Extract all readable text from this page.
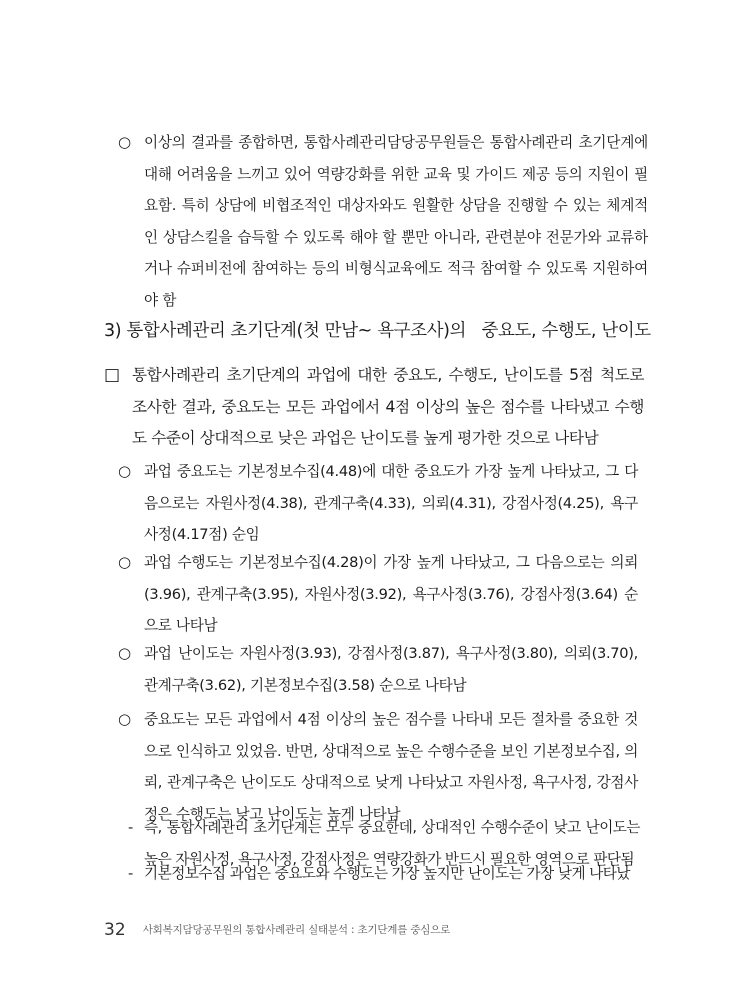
○ 이상의 결과를 종합하면, 통합사례관리담당공무원들은 통합사례관리 초기단계에 대해 어려움을 느끼고 있어 역량강화를 위한 교육 및 가이드 제공 등의 지원이 필요함. 특히 상담에 비협조적인 대상자와도 원활한 상담을 진행할 수 있는 체계적인 상담스킬을 습득할 수 있도록 해야 할 뿐만 아니라, 관련분야 전문가와 교류하거나 슈퍼비전에 참여하는 등의 비형식교육에도 적극 참여할 수 있도록 지원하여야 함
3) 통합사례관리 초기단계(첫 만남~ 욕구조사)의 중요도, 수행도, 난이도
□ 통합사례관리 초기단계의 과업에 대한 중요도, 수행도, 난이도를 5점 척도로 조사한 결과, 중요도는 모든 과업에서 4점 이상의 높은 점수를 나타냈고 수행도 수준이 상대적으로 낮은 과업은 난이도를 높게 평가한 것으로 나타남
○ 과업 중요도는 기본정보수집(4.48)에 대한 중요도가 가장 높게 나타났고, 그 다음으로는 자원사정(4.38), 관계구축(4.33), 의뢰(4.31), 강점사정(4.25), 욕구사정(4.17점) 순임
○ 과업 수행도는 기본정보수집(4.28)이 가장 높게 나타났고, 그 다음으로는 의뢰(3.96), 관계구축(3.95), 자원사정(3.92), 욕구사정(3.76), 강점사정(3.64) 순으로 나타남
○ 과업 난이도는 자원사정(3.93), 강점사정(3.87), 욕구사정(3.80), 의뢰(3.70), 관계구축(3.62), 기본정보수집(3.58) 순으로 나타남
○ 중요도는 모든 과업에서 4점 이상의 높은 점수를 나타내 모든 절차를 중요한 것으로 인식하고 있었음. 반면, 상대적으로 높은 수행수준을 보인 기본정보수집, 의뢰, 관계구축은 난이도도 상대적으로 낮게 나타났고 자원사정, 욕구사정, 강점사정은 수행도는 낮고 난이도는 높게 나타남
- 즉, 통합사례관리 초기단계는 모두 중요한데, 상대적인 수행수준이 낮고 난이도는 높은 자원사정, 욕구사정, 강점사정은 역량강화가 반드시 필요한 영역으로 판단됨
- 기본정보수집 과업은 중요도와 수행도는 가장 높지만 난이도는 가장 낮게 나타났
32 사회복지담당공무원의 통합사례관리 실태분석 : 초기단계를 중심으로
